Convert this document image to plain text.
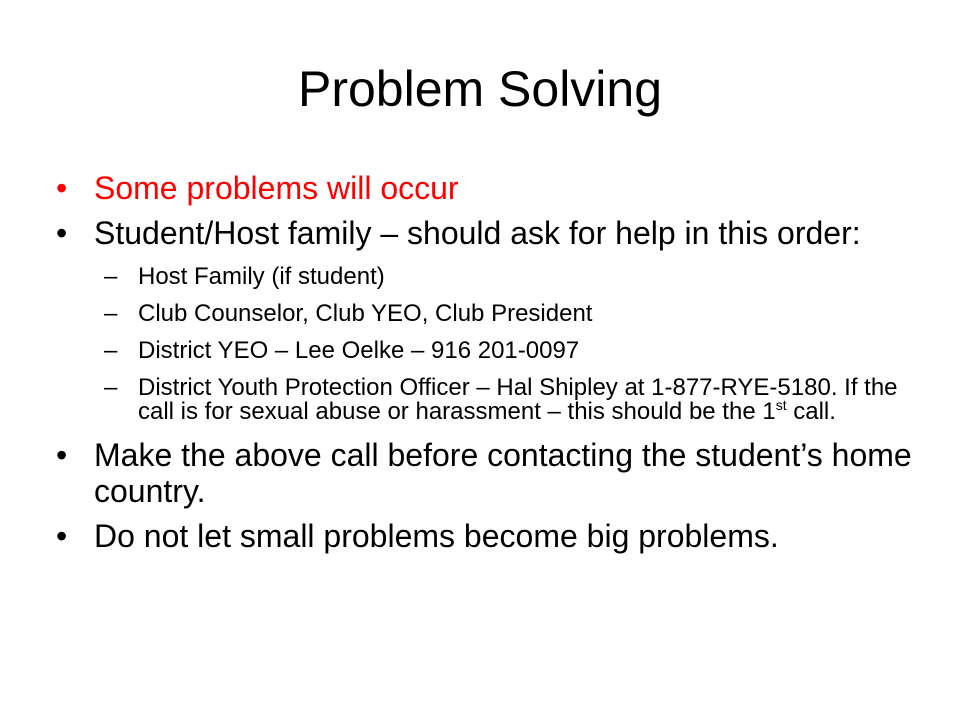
Problem Solving
• Some problems will occur
• Student/Host family – should ask for help in this order:
– Host Family (if student)
– Club Counselor, Club YEO, Club President
– District YEO – Lee Oelke – 916 201-0097
– District Youth Protection Officer – Hal Shipley at 1-877-RYE-5180. If the call is for sexual abuse or harassment – this should be the 1st call.
• Make the above call before contacting the student’s home country.
• Do not let small problems become big problems.
